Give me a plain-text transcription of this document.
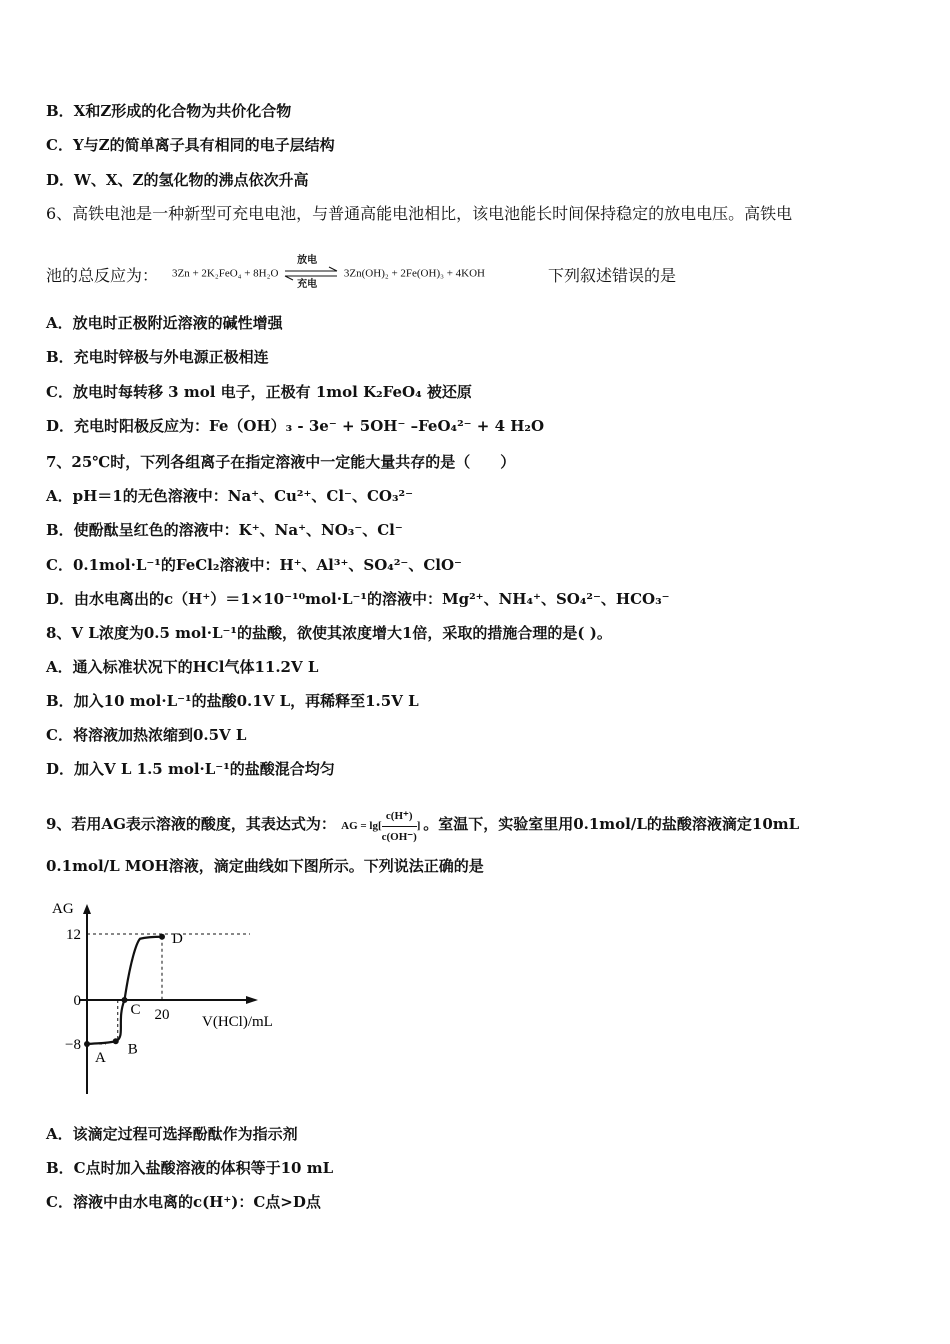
B．X和Z形成的化合物为共价化合物
C．Y与Z的简单离子具有相同的电子层结构
D．W、X、Z的氢化物的沸点依次升高
6、高铁电池是一种新型可充电电池，与普通高能电池相比，该电池能长时间保持稳定的放电电压。高铁电
池的总反应为： 3Zn + 2K₂FeO₄ + 8H₂O
放电
充电
3Zn(OH)₂ + 2Fe(OH)₃ + 4KOH	下列叙述错误的是
A．放电时正极附近溶液的碱性增强
B．充电时锌极与外电源正极相连
C．放电时每转移 3 mol 电子，正极有 1mol K₂FeO₄ 被还原
D．充电时阳极反应为：Fe（OH）₃ - 3e⁻ + 5OH⁻ –FeO₄²⁻ + 4 H₂O
7、25℃时，下列各组离子在指定溶液中一定能大量共存的是（　　）
A．pH＝1的无色溶液中：Na⁺、Cu²⁺、Cl⁻、CO₃²⁻
B．使酚酞呈红色的溶液中：K⁺、Na⁺、NO₃⁻、Cl⁻
C．0.1mol·L⁻¹的FeCl₂溶液中：H⁺、Al³⁺、SO₄²⁻、ClO⁻
D．由水电离出的c（H⁺）＝1×10⁻¹⁰mol·L⁻¹的溶液中：Mg²⁺、NH₄⁺、SO₄²⁻、HCO₃⁻
8、V L浓度为0.5 mol·L⁻¹的盐酸，欲使其浓度增大1倍，采取的措施合理的是( )。
A．通入标准状况下的HCl气体11.2V L
B．加入10 mol·L⁻¹的盐酸0.1V L，再稀释至1.5V L
C．将溶液加热浓缩到0.5V L
D．加入V L 1.5 mol·L⁻¹的盐酸混合均匀
9、若用AG表示溶液的酸度，其表达式为： AG = $\lg[ \frac{c(H^+)}{c(OH^-)}$ ] 。室温下，实验室里用0.1mol/L的盐酸溶液滴定10mL
0.1mol/L MOH溶液，滴定曲线如下图所示。下列说法正确的是
AG
V(HCl)/mL
12
0
−8
20
A
B
C
D
A．该滴定过程可选择酚酞作为指示剂
B．C点时加入盐酸溶液的体积等于10 mL
C．溶液中由水电离的c(H⁺)：C点>D点
